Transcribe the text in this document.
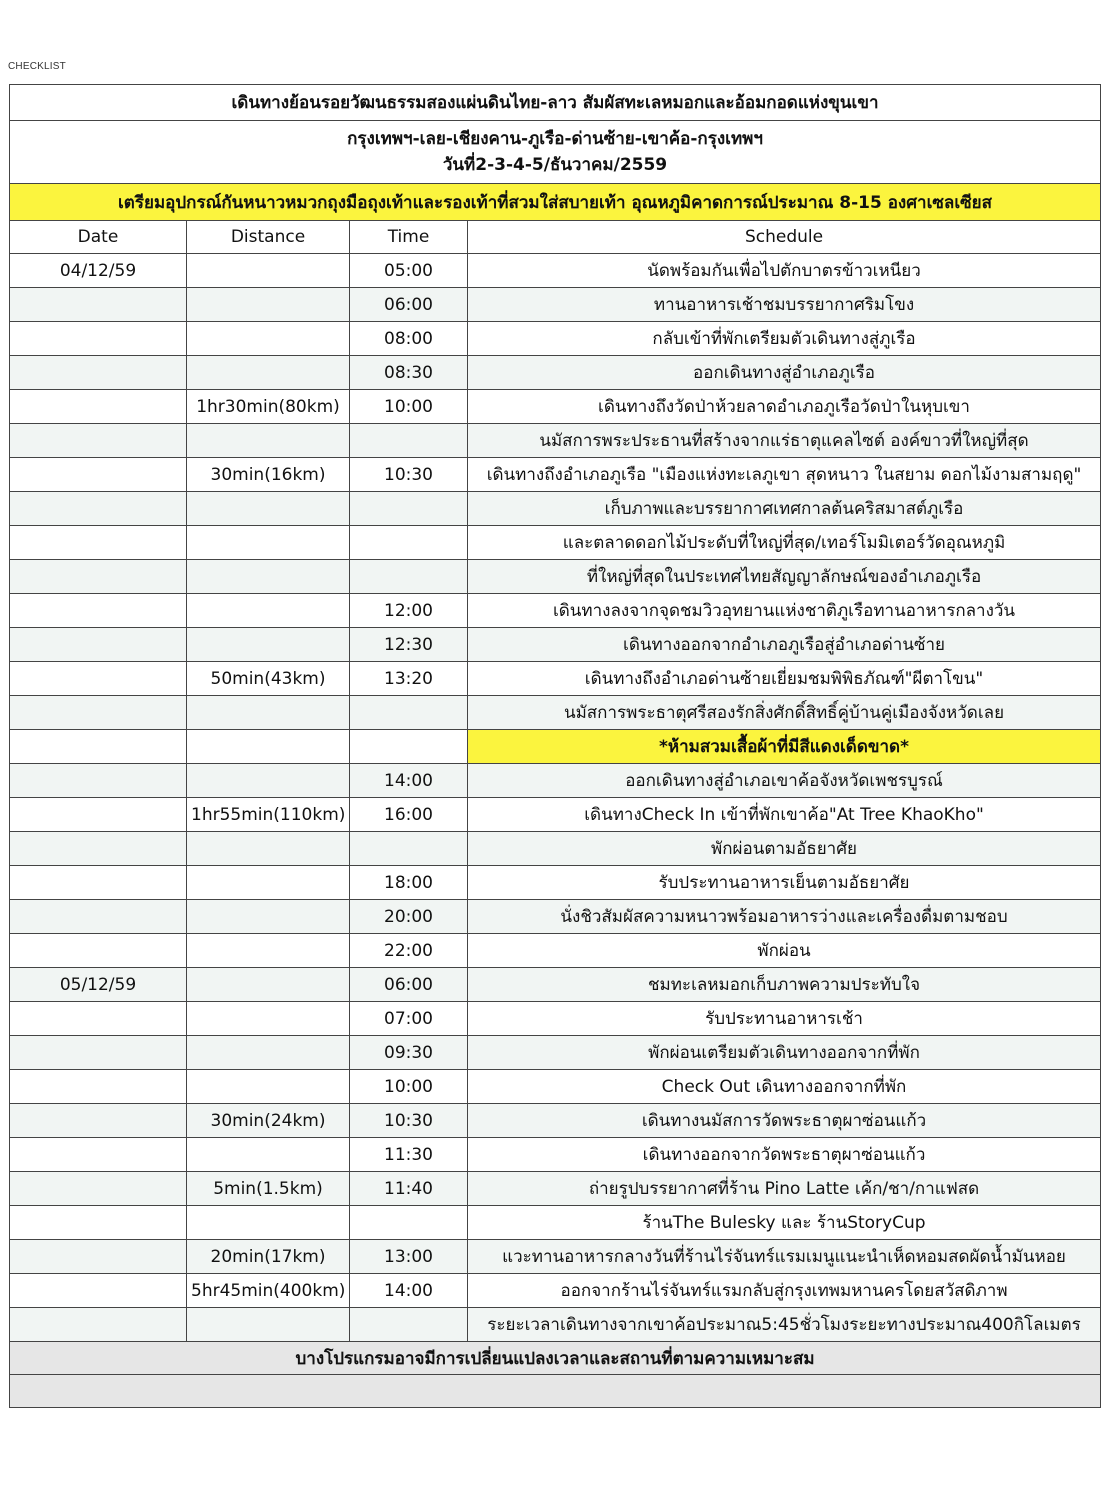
CHECKLIST
เดินทางย้อนรอยวัฒนธรรมสองแผ่นดินไทย-ลาว สัมผัสทะเลหมอกและอ้อมกอดแห่งขุนเขา			

กรุงเทพฯ-เลย-เชียงคาน-ภูเรือ-ด่านซ้าย-เขาค้อ-กรุงเทพฯ
วันที่2-3-4-5/ธันวาคม/2559			

เตรียมอุปกรณ์กันหนาวหมวกถุงมือถุงเท้าและรองเท้าที่สวมใส่สบายเท้า อุณหภูมิคาดการณ์ประมาณ 8-15 องศาเซลเซียส			
Date	Distance	Time	Schedule
04/12/59		05:00	นัดพร้อมกันเพื่อไปตักบาตรข้าวเหนียว
		06:00	ทานอาหารเช้าชมบรรยากาศริมโขง
		08:00	กลับเข้าที่พักเตรียมตัวเดินทางสู่ภูเรือ
		08:30	ออกเดินทางสู่อำเภอภูเรือ
	1hr30min(80km)	10:00	เดินทางถึงวัดป่าห้วยลาดอำเภอภูเรือวัดป่าในหุบเขา
			นมัสการพระประธานที่สร้างจากแร่ธาตุแคลไซต์ องค์ขาวที่ใหญ่ที่สุด
	30min(16km)	10:30	เดินทางถึงอำเภอภูเรือ "เมืองแห่งทะเลภูเขา สุดหนาว ในสยาม ดอกไม้งามสามฤดู"
			เก็บภาพและบรรยากาศเทศกาลต้นคริสมาสต์ภูเรือ
			และตลาดดอกไม้ประดับที่ใหญ่ที่สุด/เทอร์โมมิเตอร์วัดอุณหภูมิ
			ที่ใหญ่ที่สุดในประเทศไทยสัญญาลักษณ์ของอำเภอภูเรือ
		12:00	เดินทางลงจากจุดชมวิวอุทยานแห่งชาติภูเรือทานอาหารกลางวัน
		12:30	เดินทางออกจากอำเภอภูเรือสู่อำเภอด่านซ้าย
	50min(43km)	13:20	เดินทางถึงอำเภอด่านซ้ายเยี่ยมชมพิพิธภัณฑ์"ผีตาโขน"
			นมัสการพระธาตุศรีสองรักสิ่งศักดิ์สิทธิ์คู่บ้านคู่เมืองจังหวัดเลย
			*ห้ามสวมเสื้อผ้าที่มีสีแดงเด็ดขาด*
		14:00	ออกเดินทางสู่อำเภอเขาค้อจังหวัดเพชรบูรณ์
	1hr55min(110km)	16:00	เดินทางCheck In เข้าที่พักเขาค้อ"At Tree KhaoKho"
			พักผ่อนตามอัธยาศัย
		18:00	รับประทานอาหารเย็นตามอัธยาศัย
		20:00	นั่งชิวสัมผัสความหนาวพร้อมอาหารว่างและเครื่องดื่มตามชอบ
		22:00	พักผ่อน
05/12/59		06:00	ชมทะเลหมอกเก็บภาพความประทับใจ
		07:00	รับประทานอาหารเช้า
		09:30	พักผ่อนเตรียมตัวเดินทางออกจากที่พัก
		10:00	Check Out เดินทางออกจากที่พัก
	30min(24km)	10:30	เดินทางนมัสการวัดพระธาตุผาซ่อนแก้ว
		11:30	เดินทางออกจากวัดพระธาตุผาซ่อนแก้ว
	5min(1.5km)	11:40	ถ่ายรูปบรรยากาศที่ร้าน Pino Latte เค้ก/ชา/กาแฟสด
			ร้านThe Bulesky และ ร้านStoryCup
	20min(17km)	13:00	แวะทานอาหารกลางวันที่ร้านไร่จันทร์แรมเมนูแนะนำเห็ดหอมสดผัดน้ำมันหอย
	5hr45min(400km)	14:00	ออกจากร้านไร่จันทร์แรมกลับสู่กรุงเทพมหานครโดยสวัสดิภาพ
			ระยะเวลาเดินทางจากเขาค้อประมาณ5:45ชั่วโมงระยะทางประมาณ400กิโลเมตร
บางโปรแกรมอาจมีการเปลี่ยนแปลงเวลาและสถานที่ตามความเหมาะสม			
